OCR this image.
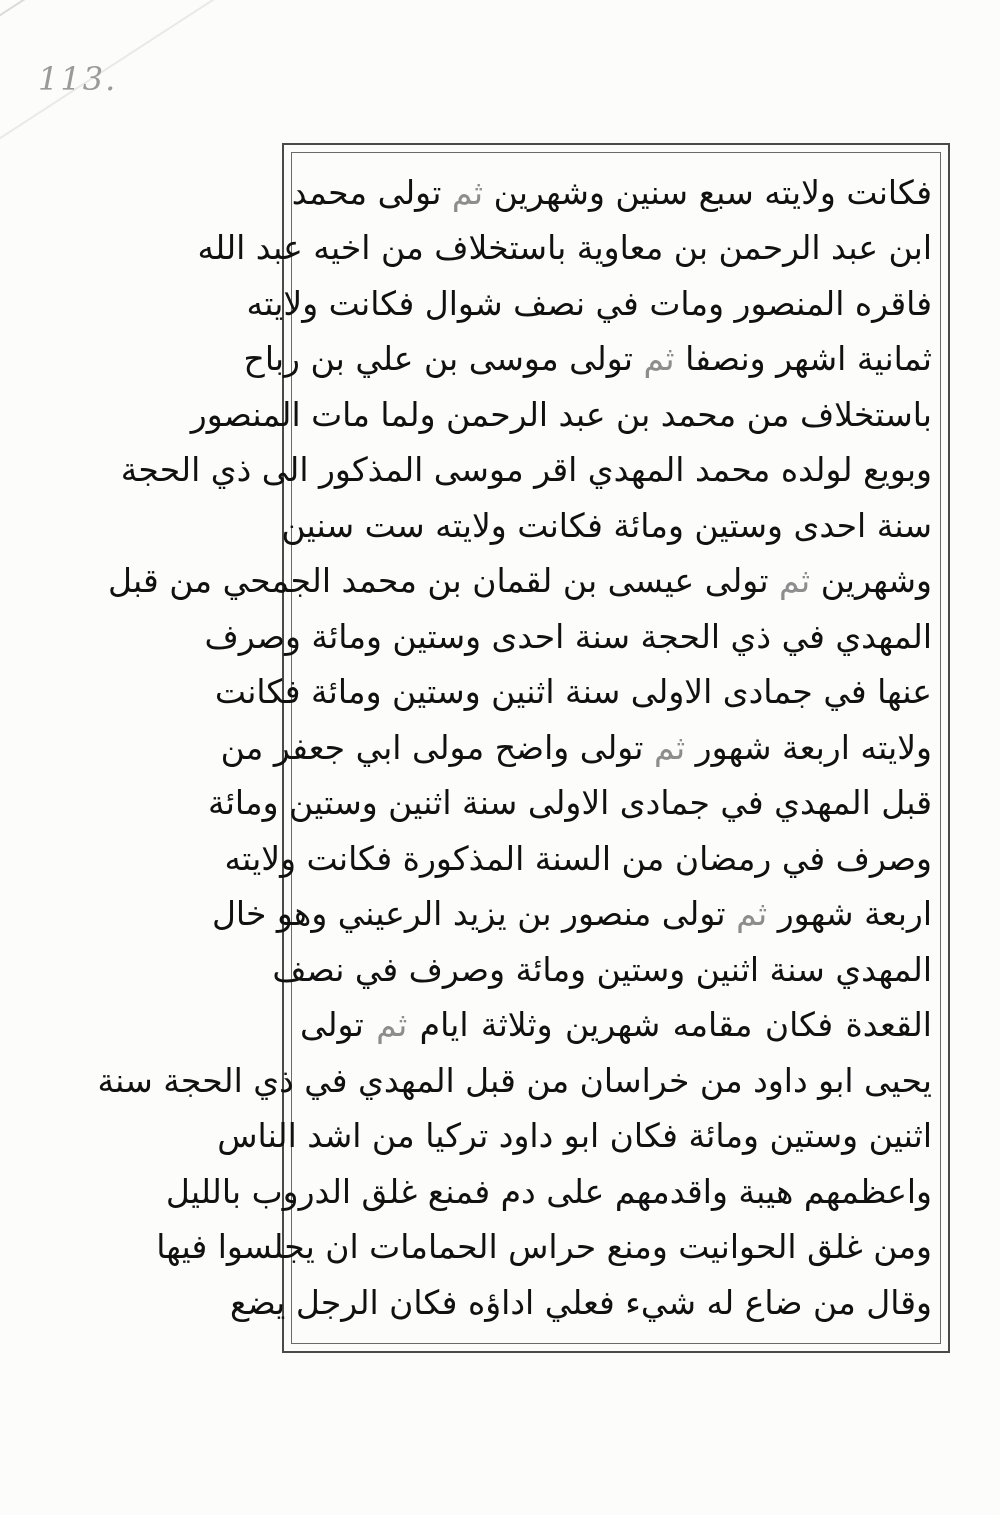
113.
فكانت ولايته سبع سنين وشهرين ثم تولى محمد
ابن عبد الرحمن بن معاوية باستخلاف من اخيه عبد الله
فاقره المنصور ومات في نصف شوال فكانت ولايته
ثمانية اشهر ونصفا ثم تولى موسى بن علي بن رباح
باستخلاف من محمد بن عبد الرحمن ولما مات المنصور
وبويع لولده محمد المهدي اقر موسى المذكور الى ذي الحجة
سنة احدى وستين ومائة فكانت ولايته ست سنين
وشهرين ثم تولى عيسى بن لقمان بن محمد الجمحي من قبل
المهدي في ذي الحجة سنة احدى وستين ومائة وصرف
عنها في جمادى الاولى سنة اثنين وستين ومائة فكانت
ولايته اربعة شهور ثم تولى واضح مولى ابي جعفر من
قبل المهدي في جمادى الاولى سنة اثنين وستين ومائة
وصرف في رمضان من السنة المذكورة فكانت ولايته
اربعة شهور ثم تولى منصور بن يزيد الرعيني وهو خال
المهدي سنة اثنين وستين ومائة وصرف في نصف
القعدة فكان مقامه شهرين وثلاثة ايام ثم تولى
يحيى ابو داود من خراسان من قبل المهدي في ذي الحجة سنة
اثنين وستين ومائة فكان ابو داود تركيا من اشد الناس
واعظمهم هيبة واقدمهم على دم فمنع غلق الدروب بالليل
ومن غلق الحوانيت ومنع حراس الحمامات ان يجلسوا فيها
وقال من ضاع له شيء فعلي اداؤه فكان الرجل يضع
